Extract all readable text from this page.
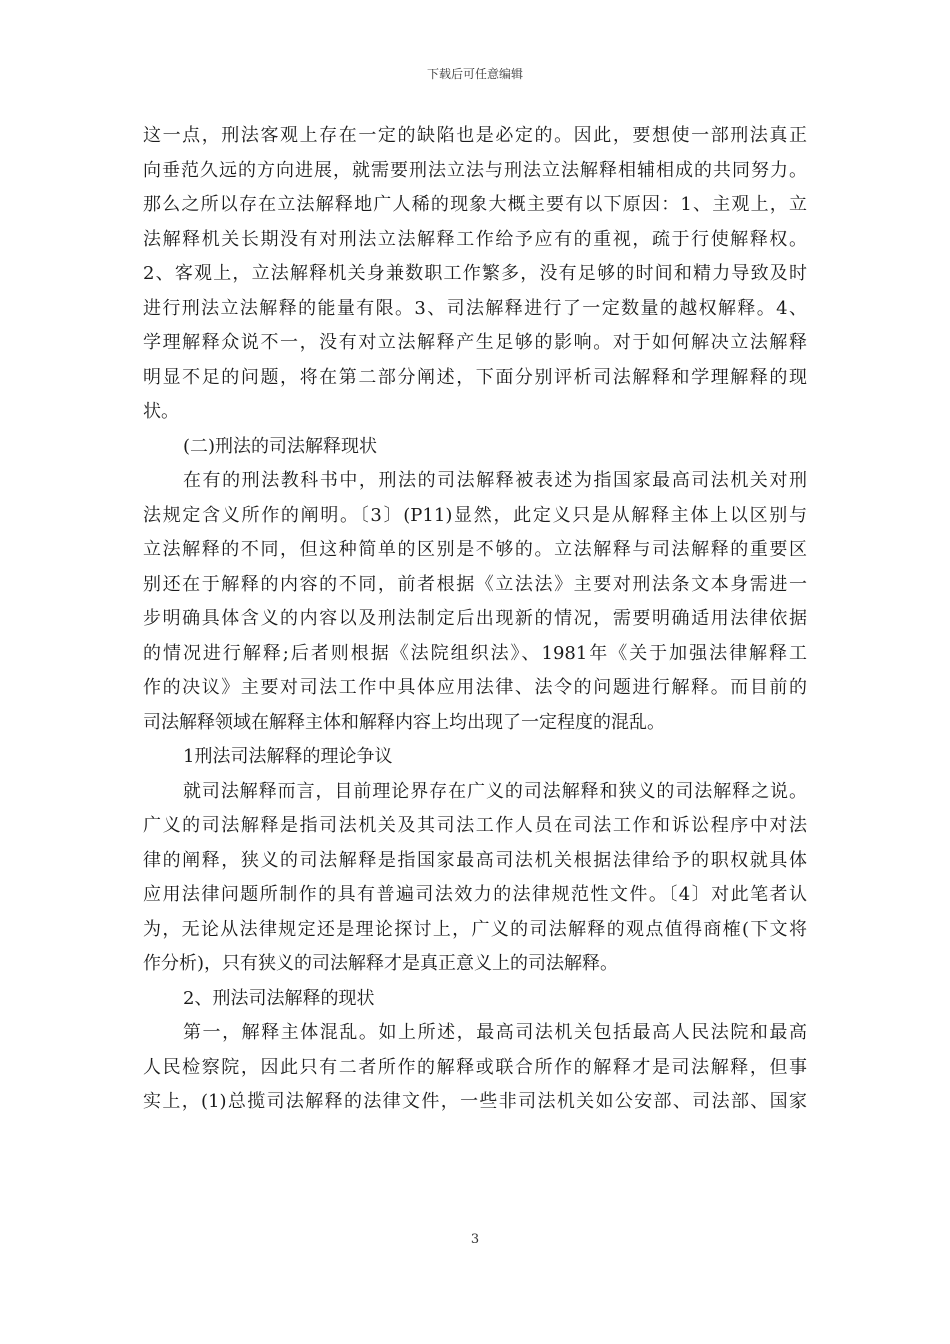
下载后可任意编辑
这一点，刑法客观上存在一定的缺陷也是必定的。因此，要想使一部刑法真正
向垂范久远的方向进展，就需要刑法立法与刑法立法解释相辅相成的共同努力。
那么之所以存在立法解释地广人稀的现象大概主要有以下原因：1、主观上，立
法解释机关长期没有对刑法立法解释工作给予应有的重视，疏于行使解释权。
2、客观上，立法解释机关身兼数职工作繁多，没有足够的时间和精力导致及时
进行刑法立法解释的能量有限。3、司法解释进行了一定数量的越权解释。4、
学理解释众说不一，没有对立法解释产生足够的影响。对于如何解决立法解释
明显不足的问题，将在第二部分阐述，下面分别评析司法解释和学理解释的现
状。
(二)刑法的司法解释现状
在有的刑法教科书中，刑法的司法解释被表述为指国家最高司法机关对刑
法规定含义所作的阐明。〔3〕(P11)显然，此定义只是从解释主体上以区别与
立法解释的不同，但这种简单的区别是不够的。立法解释与司法解释的重要区
别还在于解释的内容的不同，前者根据《立法法》主要对刑法条文本身需进一
步明确具体含义的内容以及刑法制定后出现新的情况，需要明确适用法律依据
的情况进行解释;后者则根据《法院组织法》、1981年《关于加强法律解释工
作的决议》主要对司法工作中具体应用法律、法令的问题进行解释。而目前的
司法解释领域在解释主体和解释内容上均出现了一定程度的混乱。
1刑法司法解释的理论争议
就司法解释而言，目前理论界存在广义的司法解释和狭义的司法解释之说。
广义的司法解释是指司法机关及其司法工作人员在司法工作和诉讼程序中对法
律的阐释，狭义的司法解释是指国家最高司法机关根据法律给予的职权就具体
应用法律问题所制作的具有普遍司法效力的法律规范性文件。〔4〕对此笔者认
为，无论从法律规定还是理论探讨上，广义的司法解释的观点值得商榷(下文将
作分析)，只有狭义的司法解释才是真正意义上的司法解释。
2、刑法司法解释的现状
第一，解释主体混乱。如上所述，最高司法机关包括最高人民法院和最高
人民检察院，因此只有二者所作的解释或联合所作的解释才是司法解释，但事
实上，(1)总揽司法解释的法律文件，一些非司法机关如公安部、司法部、国家
3
